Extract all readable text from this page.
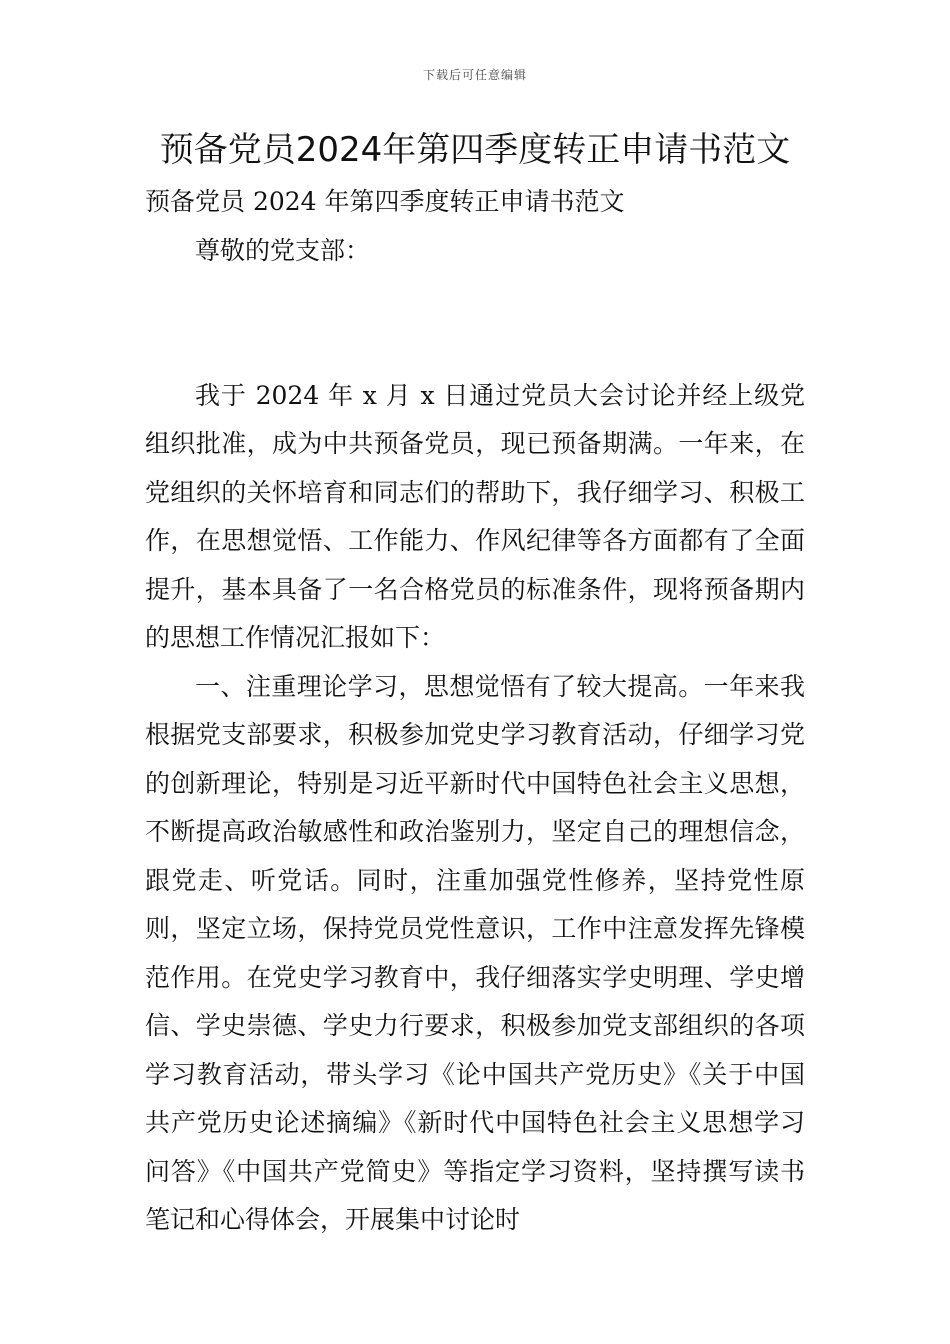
下载后可任意编辑
预备党员2024年第四季度转正申请书范文

预备党员 2024 年第四季度转正申请书范文

尊敬的党支部：

我于 2024 年 x 月 x 日通过党员大会讨论并经上级党组织批准，成为中共预备党员，现已预备期满。一年来，在党组织的关怀培育和同志们的帮助下，我仔细学习、积极工作，在思想觉悟、工作能力、作风纪律等各方面都有了全面提升，基本具备了一名合格党员的标准条件，现将预备期内的思想工作情况汇报如下：

一、注重理论学习，思想觉悟有了较大提高。一年来我根据党支部要求，积极参加党史学习教育活动，仔细学习党的创新理论，特别是习近平新时代中国特色社会主义思想，不断提高政治敏感性和政治鉴别力，坚定自己的理想信念，跟党走、听党话。同时，注重加强党性修养，坚持党性原则，坚定立场，保持党员党性意识，工作中注意发挥先锋模范作用。在党史学习教育中，我仔细落实学史明理、学史增信、学史崇德、学史力行要求，积极参加党支部组织的各项学习教育活动，带头学习《论中国共产党历史》《关于中国共产党历史论述摘编》《新时代中国特色社会主义思想学习问答》《中国共产党简史》等指定学习资料，坚持撰写读书笔记和心得体会，开展集中讨论时
